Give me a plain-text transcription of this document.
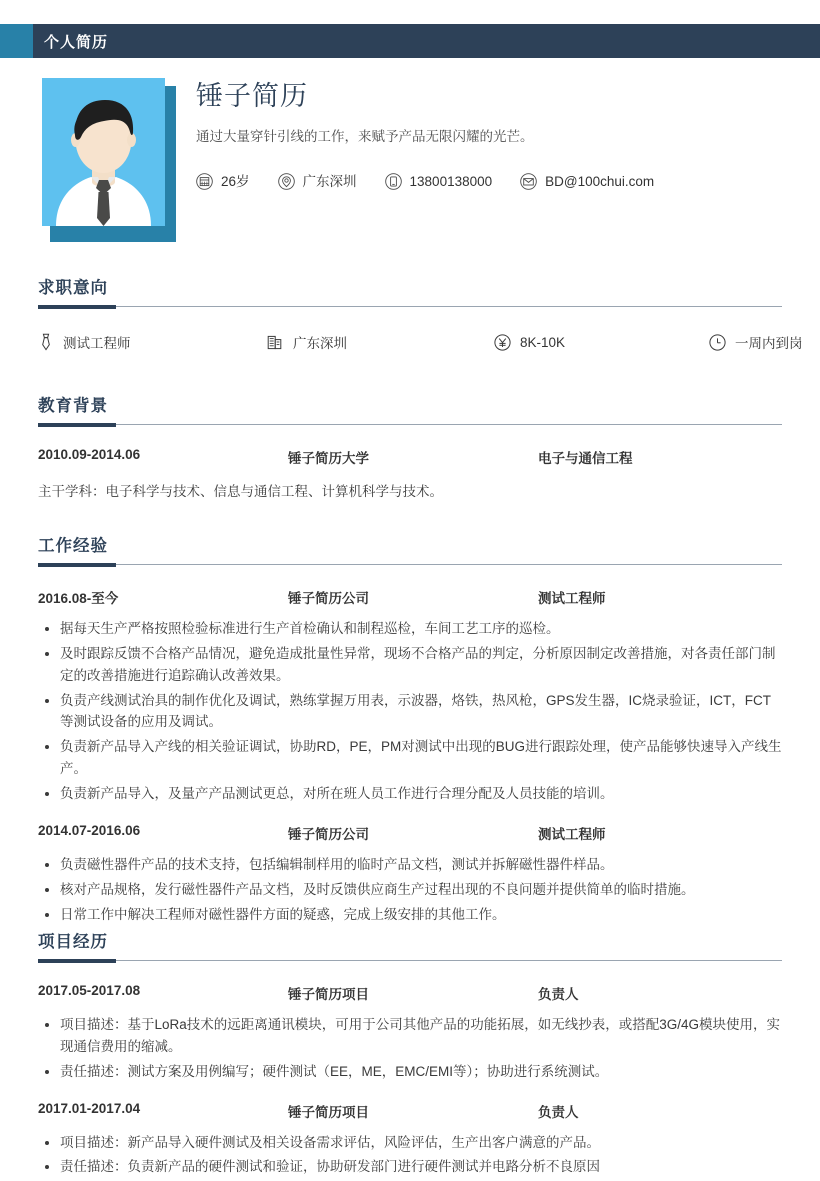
个人简历
锤子简历
通过大量穿针引线的工作，来赋予产品无限闪耀的光芒。
26岁	广东深圳	13800138000	BD@100chui.com
求职意向
测试工程师	广东深圳	8K-10K	一周内到岗
教育背景
2010.09-2014.06	锤子简历大学	电子与通信工程
主干学科：电子科学与技术、信息与通信工程、计算机科学与技术。
工作经验
2016.08-至今	锤子简历公司	测试工程师
据每天生产严格按照检验标准进行生产首检确认和制程巡检，车间工艺工序的巡检。
及时跟踪反馈不合格产品情况，避免造成批量性异常，现场不合格产品的判定，分析原因制定改善措施，对各责任部门制定的改善措施进行追踪确认改善效果。
负责产线测试治具的制作优化及调试，熟练掌握万用表，示波器，烙铁，热风枪，GPS发生器，IC烧录验证，ICT，FCT等测试设备的应用及调试。
负责新产品导入产线的相关验证调试，协助RD，PE，PM对测试中出现的BUG进行跟踪处理，使产品能够快速导入产线生产。
负责新产品导入，及量产产品测试更总，对所在班人员工作进行合理分配及人员技能的培训。
2014.07-2016.06	锤子简历公司	测试工程师
负责磁性器件产品的技术支持，包括编辑制样用的临时产品文档，测试并拆解磁性器件样品。
核对产品规格，发行磁性器件产品文档，及时反馈供应商生产过程出现的不良问题并提供简单的临时措施。
日常工作中解决工程师对磁性器件方面的疑惑，完成上级安排的其他工作。
项目经历
2017.05-2017.08	锤子简历项目	负责人
项目描述：基于LoRa技术的远距离通讯模块，可用于公司其他产品的功能拓展，如无线抄表，或搭配3G/4G模块使用，实现通信费用的缩减。
责任描述：测试方案及用例编写；硬件测试（EE，ME，EMC/EMI等）；协助进行系统测试。
2017.01-2017.04	锤子简历项目	负责人
项目描述：新产品导入硬件测试及相关设备需求评估，风险评估，生产出客户满意的产品。
责任描述：负责新产品的硬件测试和验证，协助研发部门进行硬件测试并电路分析不良原因
